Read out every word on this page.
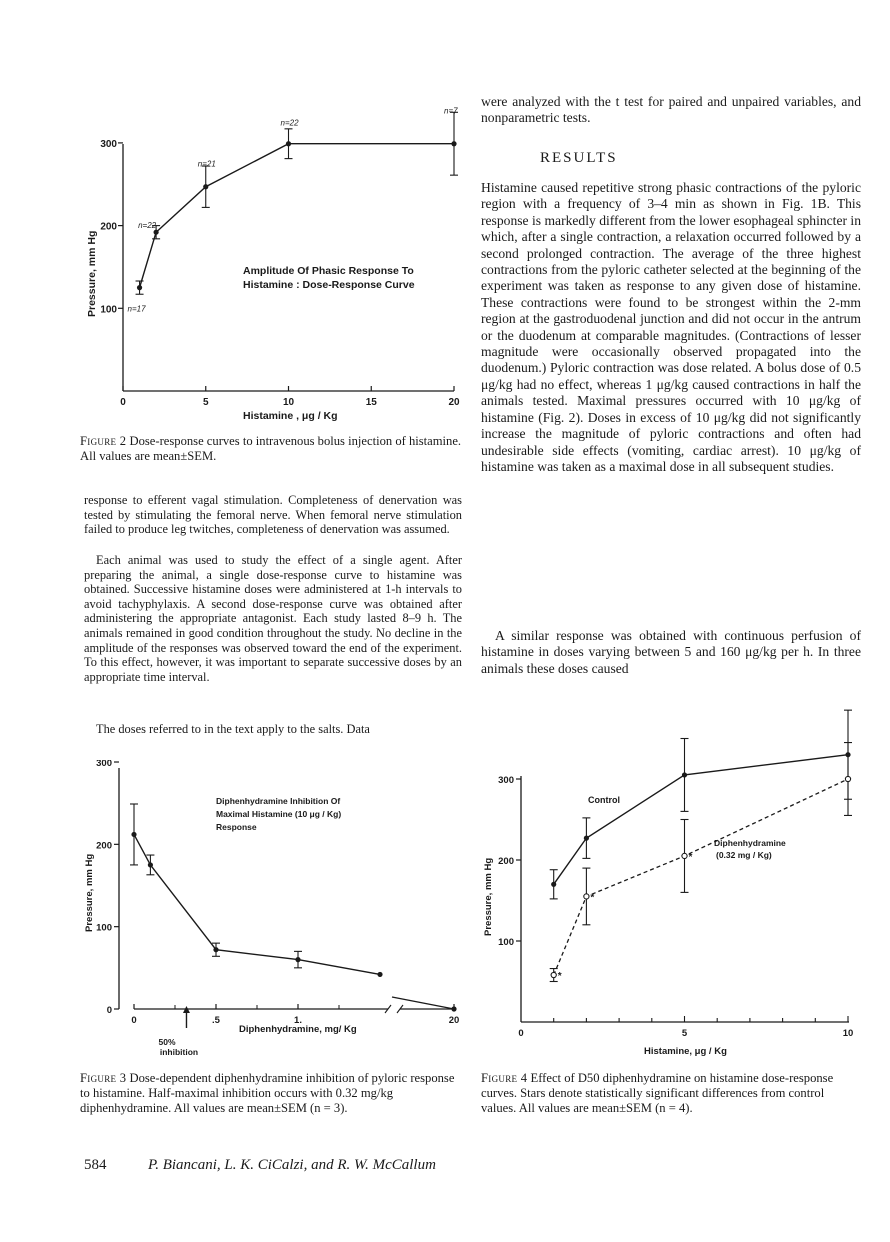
100
200
300
0	5	10	15	20
n=17
n=22
n=21
n=22
n=7
Amplitude Of Phasic Response To
Histamine : Dose-Response Curve
Pressure, mm Hg
Histamine , μg / Kg

Figure 2 Dose-response curves to intravenous bolus injection of histamine. All values are mean±SEM.

response to efferent vagal stimulation. Completeness of denervation was tested by stimulating the femoral nerve. When femoral nerve stimulation failed to produce leg twitches, completeness of denervation was assumed.

Each animal was used to study the effect of a single agent. After preparing the animal, a single dose-response curve to histamine was obtained. Successive histamine doses were administered at 1-h intervals to avoid tachyphylaxis. A second dose-response curve was obtained after administering the appropriate antagonist. Each study lasted 8–9 h. The animals remained in good condition throughout the study. No decline in the amplitude of the responses was observed toward the end of the experiment. To this effect, however, it was important to separate successive doses by an appropriate time interval.

The doses referred to in the text apply to the salts. Data

were analyzed with the t test for paired and unpaired variables, and nonparametric tests.

RESULTS

Histamine caused repetitive strong phasic contractions of the pyloric region with a frequency of 3–4 min as shown in Fig. 1B. This response is markedly different from the lower esophageal sphincter in which, after a single contraction, a relaxation occurred followed by a second prolonged contraction. The average of the three highest contractions from the pyloric catheter selected at the beginning of the experiment was taken as response to any given dose of histamine. These contractions were found to be strongest within the 2-mm region at the gastroduodenal junction and did not occur in the antrum or the duodenum at comparable magnitudes. (Contractions of lesser magnitude were occasionally observed propagated into the duodenum.) Pyloric contraction was dose related. A bolus dose of 0.5 μg/kg had no effect, whereas 1 μg/kg caused contractions in half the animals tested. Maximal pressures occurred with 10 μg/kg of histamine (Fig. 2). Doses in excess of 10 μg/kg did not significantly increase the magnitude of pyloric contractions and often had undesirable side effects (vomiting, cardiac arrest). 10 μg/kg of histamine was taken as a maximal dose in all subsequent studies.

A similar response was obtained with continuous perfusion of histamine in doses varying between 5 and 160 μg/kg per h. In three animals these doses caused

0
100
200
300
0	.5	1.	20
Diphenhydramine Inhibition Of
Maximal Histamine (10 μg / Kg)
Response
Pressure, mm Hg
Diphenhydramine, mg/ Kg
50%
inhibition

Figure 3 Dose-dependent diphenhydramine inhibition of pyloric response to histamine. Half-maximal inhibition occurs with 0.32 mg/kg diphenhydramine. All values are mean±SEM (n = 3).

100
200
300
0	5	10
*
*
*
Control
Diphenhydramine
(0.32 mg / Kg)
Pressure, mm Hg
Histamine, μg / Kg

Figure 4 Effect of D50 diphenhydramine on histamine dose-response curves. Stars denote statistically significant differences from control values. All values are mean±SEM (n = 4).

584	P. Biancani, L. K. CiCalzi, and R. W. McCallum
